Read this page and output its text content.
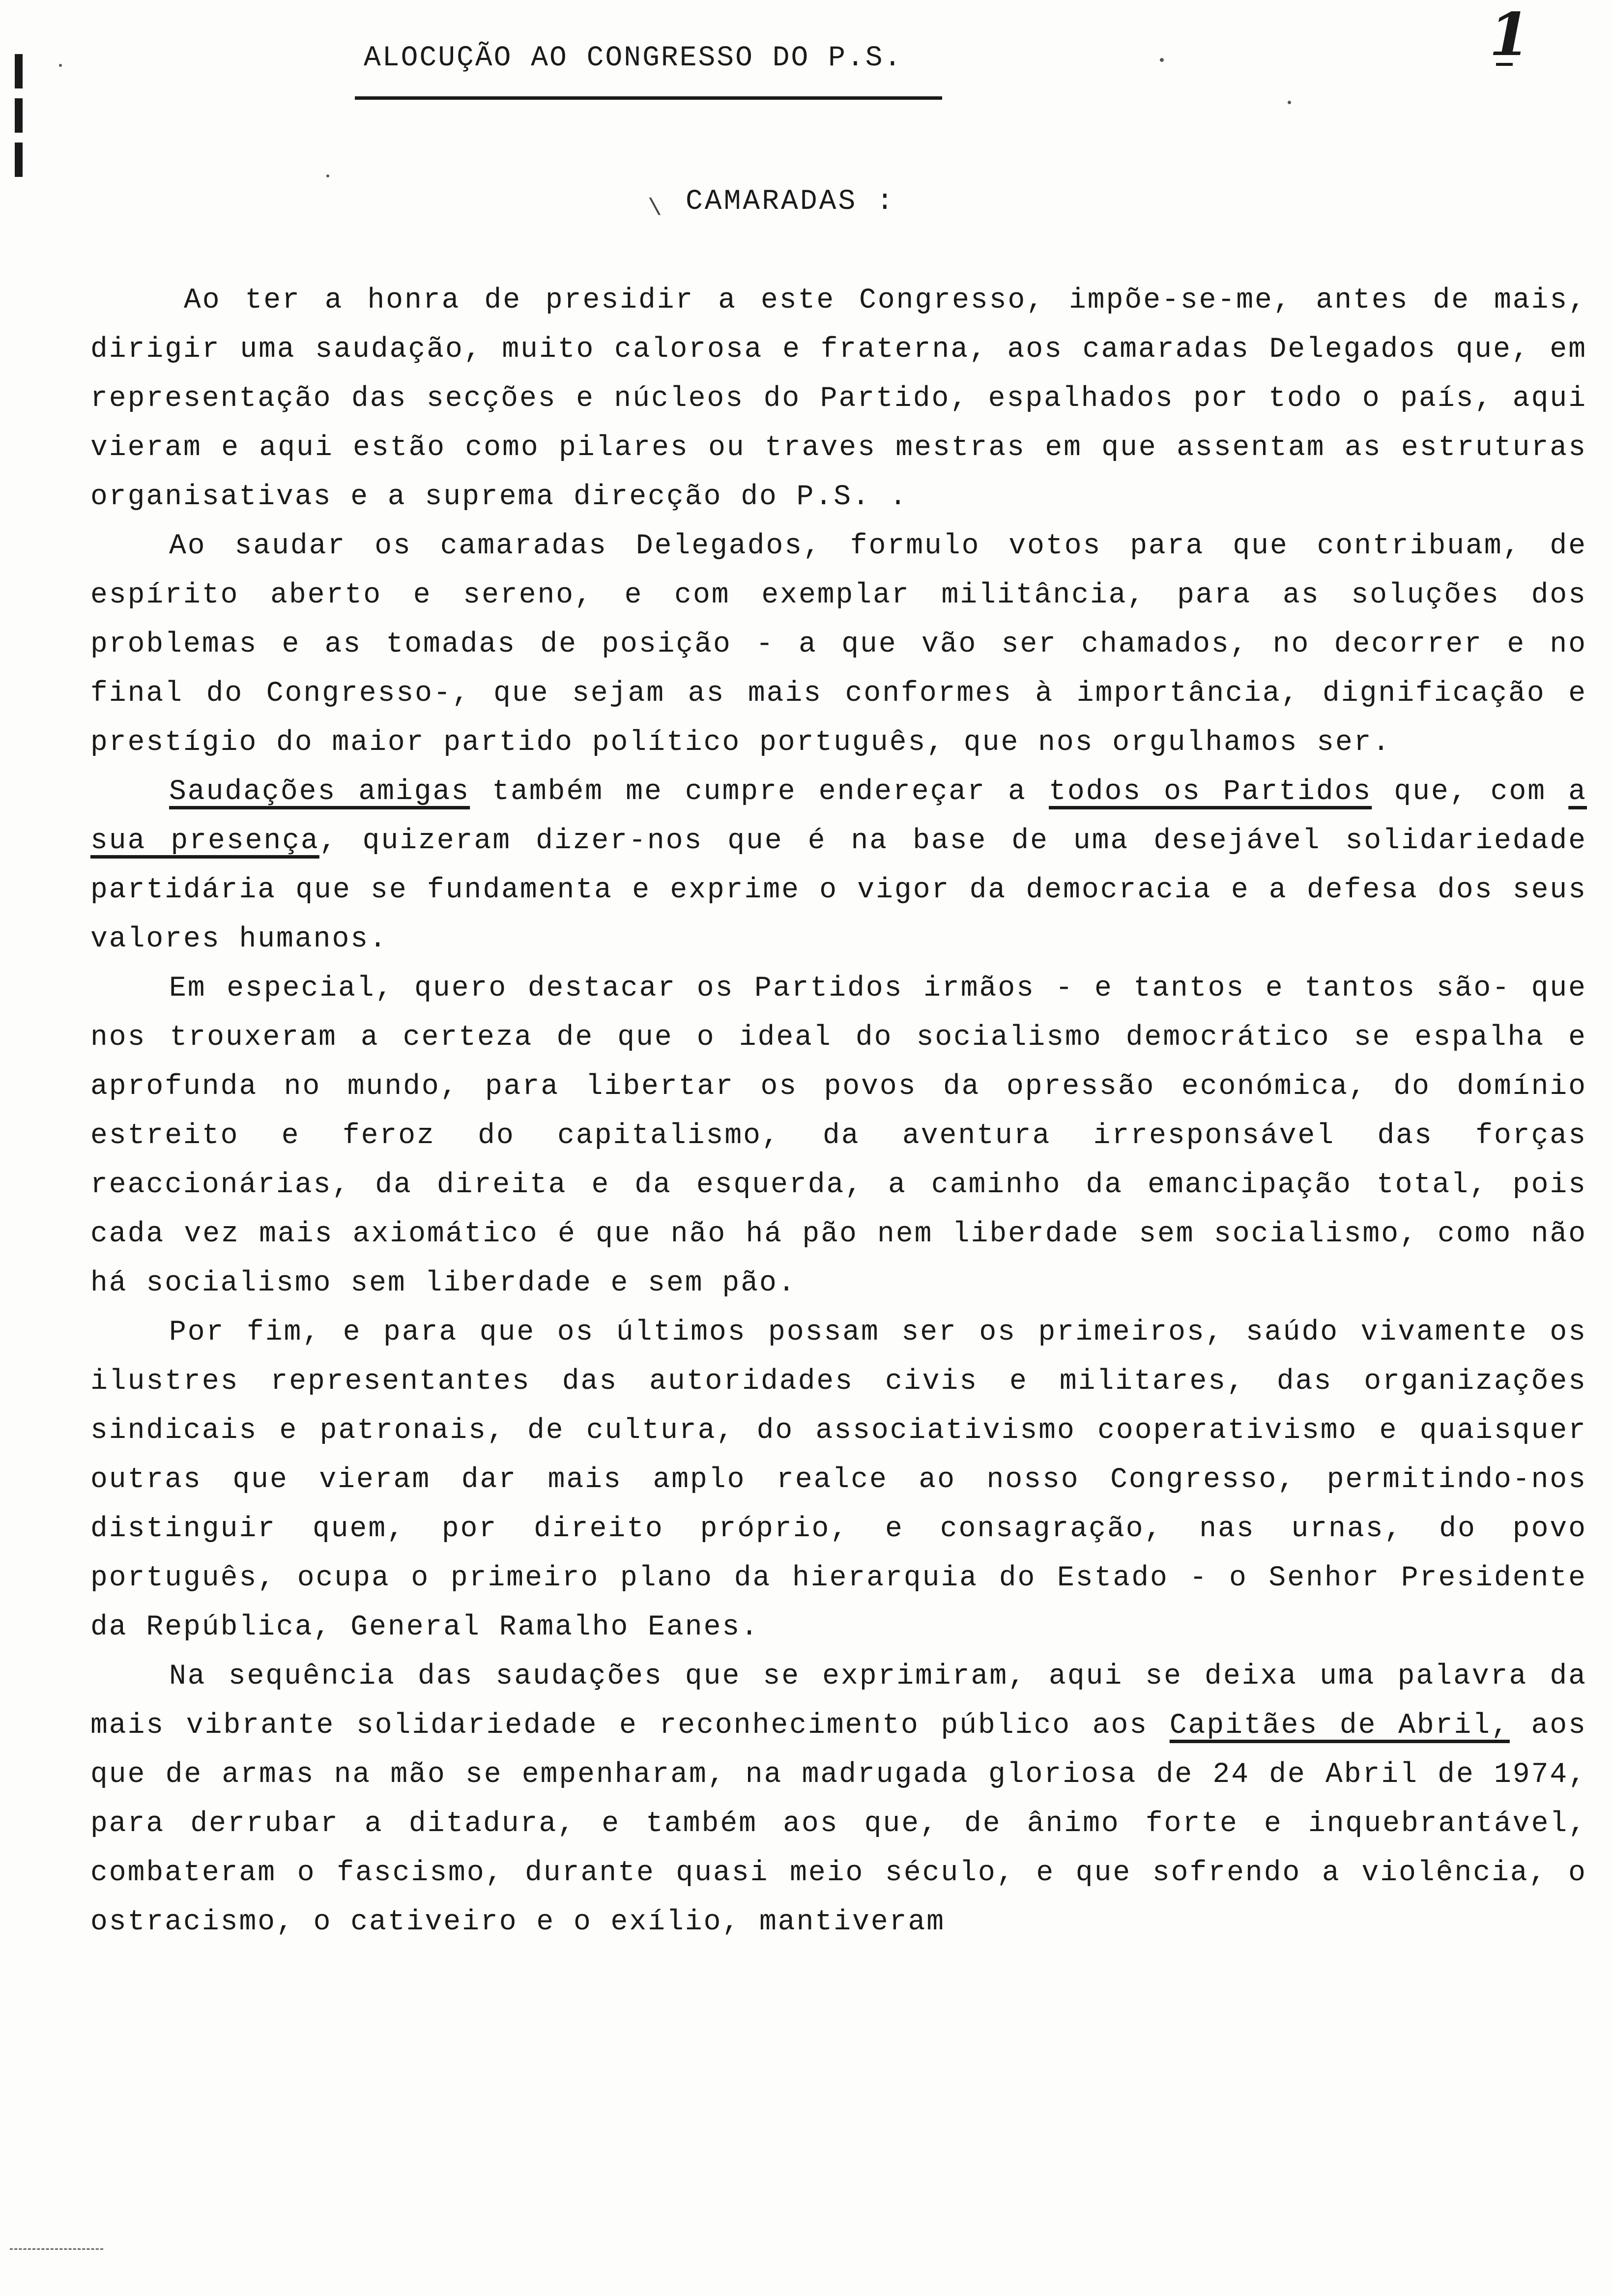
ALOCUÇÃO AO CONGRESSO DO P.S.	1
\ CAMARADAS :

Ao ter a honra de presidir a este Congresso, impõe-se-me, antes de mais, dirigir uma saudação, muito calorosa e fraterna, aos camaradas Delegados que, em representação das secções e núcleos do Partido, espalhados por todo o país, aqui vieram e aqui estão como pilares ou traves mestras em que assentam as estruturas organisativas e a suprema direcção do P.S. .

Ao saudar os camaradas Delegados, formulo votos para que contribuam, de espírito aberto e sereno, e com exemplar militância, para as soluções dos problemas e as tomadas de posição - a que vão ser chamados, no decorrer e no final do Congresso-, que sejam as mais conformes à importância, dignificação e prestígio do maior partido político português, que nos orgulhamos ser.

Saudações amigas também me cumpre endereçar a todos os Partidos que, com a sua presença, quizeram dizer-nos que é na base de uma desejável solidariedade partidária que se fundamenta e exprime o vigor da democracia e a defesa dos seus valores humanos.

Em especial, quero destacar os Partidos irmãos - e tantos e tantos são- que nos trouxeram a certeza de que o ideal do socialismo democrático se espalha e aprofunda no mundo, para libertar os povos da opressão económica, do domínio estreito e feroz do capitalismo, da aventura irresponsável das forças reaccionárias, da direita e da esquerda, a caminho da emancipação total, pois cada vez mais axiomático é que não há pão nem liberdade sem socialismo, como não há socialismo sem liberdade e sem pão.

Por fim, e para que os últimos possam ser os primeiros, saúdo vivamente os ilustres representantes das autoridades civis e militares, das organizações sindicais e patronais, de cultura, do associativismo cooperativismo e quaisquer outras que vieram dar mais amplo realce ao nosso Congresso, permitindo-nos distinguir quem, por direito próprio, e consagração, nas urnas, do povo português, ocupa o primeiro plano da hierarquia do Estado - o Senhor Presidente da República, General Ramalho Eanes.

Na sequência das saudações que se exprimiram, aqui se deixa uma palavra da mais vibrante solidariedade e reconhecimento público aos Capitães de Abril, aos que de armas na mão se empenharam, na madrugada gloriosa de 24 de Abril de 1974, para derrubar a ditadura, e também aos que, de ânimo forte e inquebrantável, combateram o fascismo, durante quasi meio século, e que sofrendo a violência, o ostracismo, o cativeiro e o exílio, mantiveram
